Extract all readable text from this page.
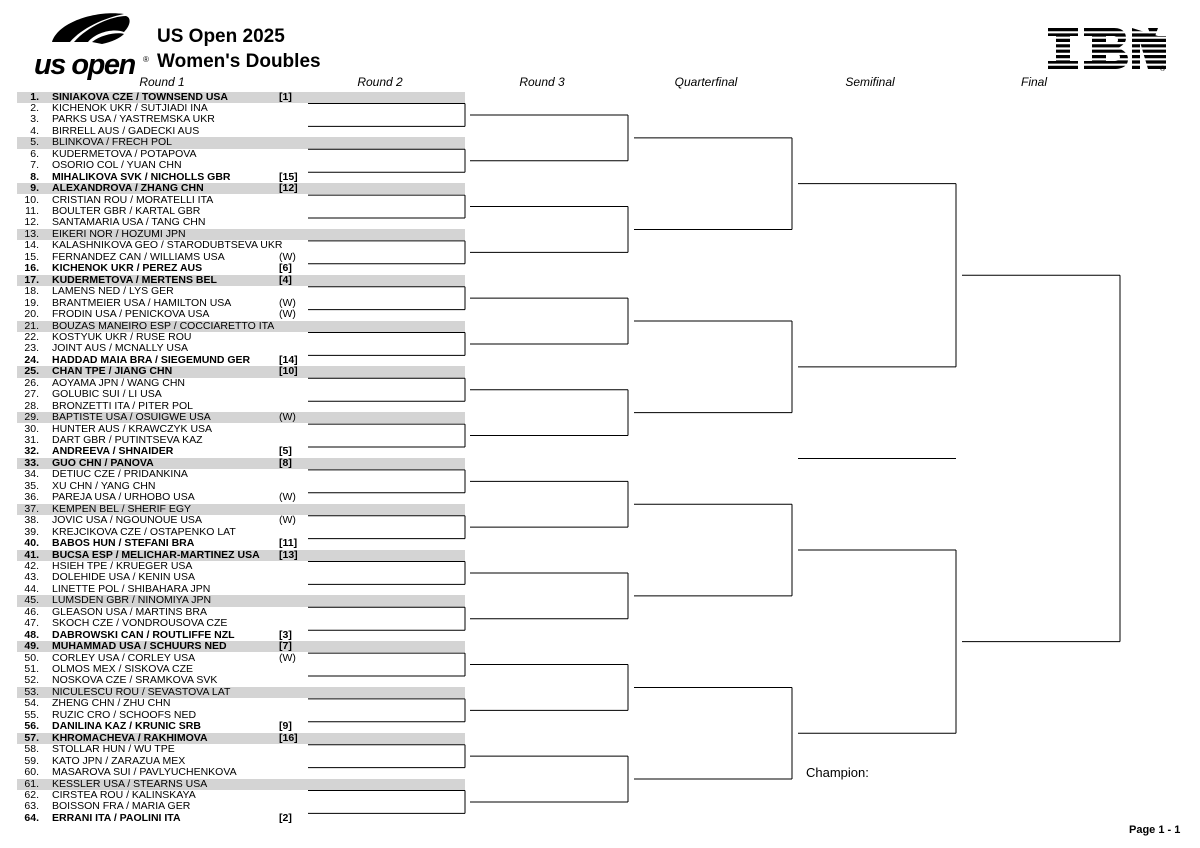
us open ®
US Open 2025
Women's Doubles	®
Round 1	Round 2	Round 3	Quarterfinal	Semifinal	Final
1. SINIAKOVA CZE / TOWNSEND USA	[1]
2. KICHENOK UKR / SUTJIADI INA
3. PARKS USA / YASTREMSKA UKR
4. BIRRELL AUS / GADECKI AUS
5. BLINKOVA / FRECH POL
6. KUDERMETOVA / POTAPOVA
7. OSORIO COL / YUAN CHN
8. MIHALIKOVA SVK / NICHOLLS GBR	[15]
9. ALEXANDROVA / ZHANG CHN	[12]
10. CRISTIAN ROU / MORATELLI ITA
11. BOULTER GBR / KARTAL GBR
12. SANTAMARIA USA / TANG CHN
13. EIKERI NOR / HOZUMI JPN
14. KALASHNIKOVA GEO / STARODUBTSEVA UKR
15. FERNANDEZ CAN / WILLIAMS USA	(W)
16. KICHENOK UKR / PEREZ AUS	[6]
17. KUDERMETOVA / MERTENS BEL	[4]
18. LAMENS NED / LYS GER
19. BRANTMEIER USA / HAMILTON USA	(W)
20. FRODIN USA / PENICKOVA USA	(W)
21. BOUZAS MANEIRO ESP / COCCIARETTO ITA
22. KOSTYUK UKR / RUSE ROU
23. JOINT AUS / MCNALLY USA
24. HADDAD MAIA BRA / SIEGEMUND GER	[14]
25. CHAN TPE / JIANG CHN	[10]
26. AOYAMA JPN / WANG CHN
27. GOLUBIC SUI / LI USA
28. BRONZETTI ITA / PITER POL
29. BAPTISTE USA / OSUIGWE USA	(W)
30. HUNTER AUS / KRAWCZYK USA
31. DART GBR / PUTINTSEVA KAZ
32. ANDREEVA / SHNAIDER	[5]
33. GUO CHN / PANOVA	[8]
34. DETIUC CZE / PRIDANKINA
35. XU CHN / YANG CHN
36. PAREJA USA / URHOBO USA	(W)
37. KEMPEN BEL / SHERIF EGY
38. JOVIC USA / NGOUNOUE USA	(W)
39. KREJCIKOVA CZE / OSTAPENKO LAT
40. BABOS HUN / STEFANI BRA	[11]
41. BUCSA ESP / MELICHAR-MARTINEZ USA [13]
42. HSIEH TPE / KRUEGER USA
43. DOLEHIDE USA / KENIN USA
44. LINETTE POL / SHIBAHARA JPN
45. LUMSDEN GBR / NINOMIYA JPN
46. GLEASON USA / MARTINS BRA
47. SKOCH CZE / VONDROUSOVA CZE
48. DABROWSKI CAN / ROUTLIFFE NZL	[3]
49. MUHAMMAD USA / SCHUURS NED	[7]
50. CORLEY USA / CORLEY USA	(W)
51. OLMOS MEX / SISKOVA CZE
52. NOSKOVA CZE / SRAMKOVA SVK
53. NICULESCU ROU / SEVASTOVA LAT
54. ZHENG CHN / ZHU CHN
55. RUZIC CRO / SCHOOFS NED
56. DANILINA KAZ / KRUNIC SRB	[9]
57. KHROMACHEVA / RAKHIMOVA	[16]
58. STOLLAR HUN / WU TPE
59. KATO JPN / ZARAZUA MEX
60. MASAROVA SUI / PAVLYUCHENKOVA
61. KESSLER USA / STEARNS USA
62. CIRSTEA ROU / KALINSKAYA
63. BOISSON FRA / MARIA GER
64. ERRANI ITA / PAOLINI ITA	[2]
Champion:
Page 1 - 1
